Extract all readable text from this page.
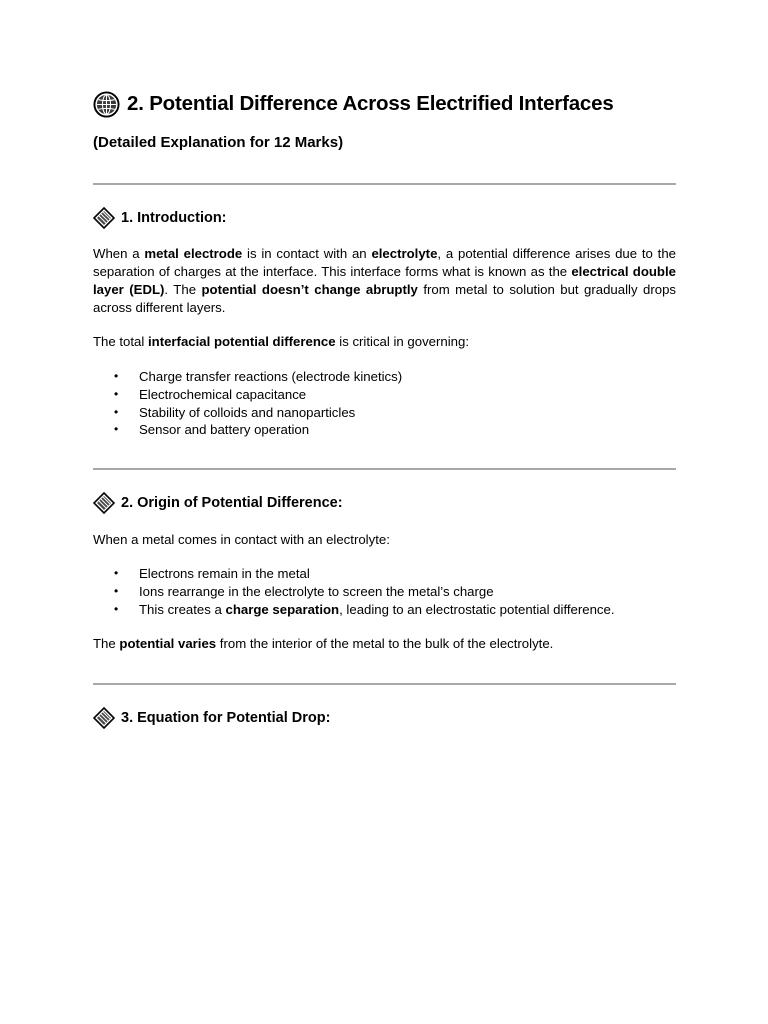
2. Potential Difference Across Electrified Interfaces
(Detailed Explanation for 12 Marks)
1. Introduction:

When a metal electrode is in contact with an electrolyte, a potential difference arises due to the separation of charges at the interface. This interface forms what is known as the electrical double layer (EDL). The potential doesn’t change abruptly from metal to solution but gradually drops across different layers.

The total interfacial potential difference is critical in governing:

• Charge transfer reactions (electrode kinetics)
• Electrochemical capacitance
• Stability of colloids and nanoparticles
• Sensor and battery operation
2. Origin of Potential Difference:

When a metal comes in contact with an electrolyte:

• Electrons remain in the metal
• Ions rearrange in the electrolyte to screen the metal’s charge
• This creates a charge separation, leading to an electrostatic potential difference.

The potential varies from the interior of the metal to the bulk of the electrolyte.

3. Equation for Potential Drop:
